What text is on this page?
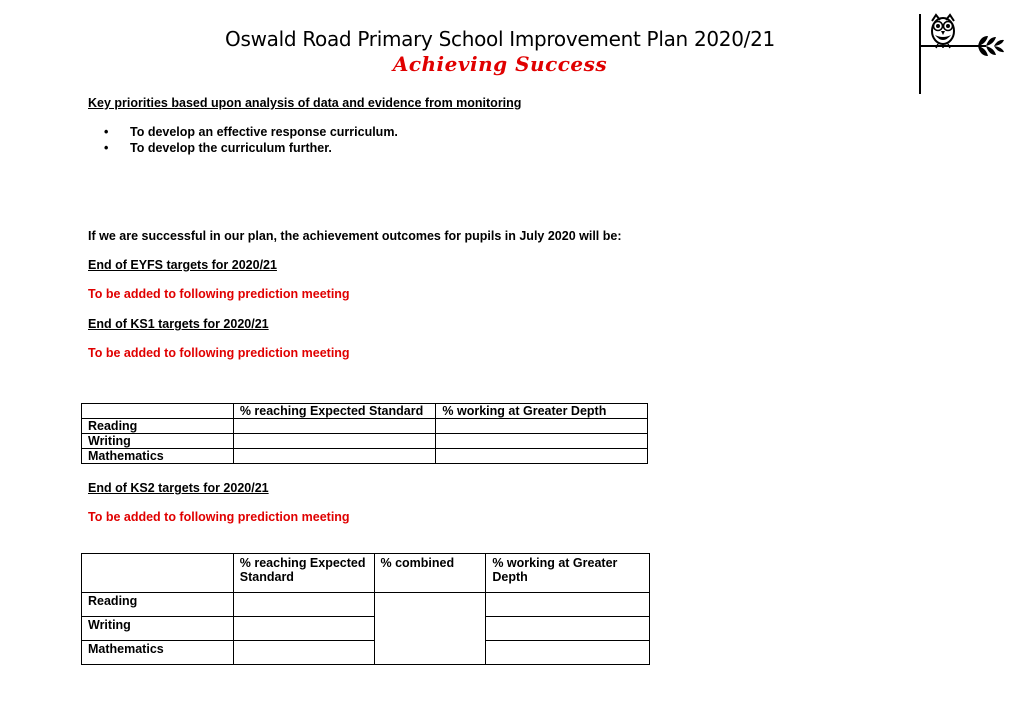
Oswald Road Primary School Improvement Plan 2020/21
Achieving Success
Key priorities based upon analysis of data and evidence from monitoring
• To develop an effective response curriculum.
• To develop the curriculum further.
If we are successful in our plan, the achievement outcomes for pupils in July 2020 will be:
End of EYFS targets for 2020/21
To be added to following prediction meeting
End of KS1 targets for 2020/21
To be added to following prediction meeting
	% reaching Expected Standard	% working at Greater Depth
Reading		
Writing		
Mathematics		
End of KS2 targets for 2020/21
To be added to following prediction meeting
	% reaching Expected Standard	% combined	% working at Greater Depth
Reading			
Writing			
Mathematics			
